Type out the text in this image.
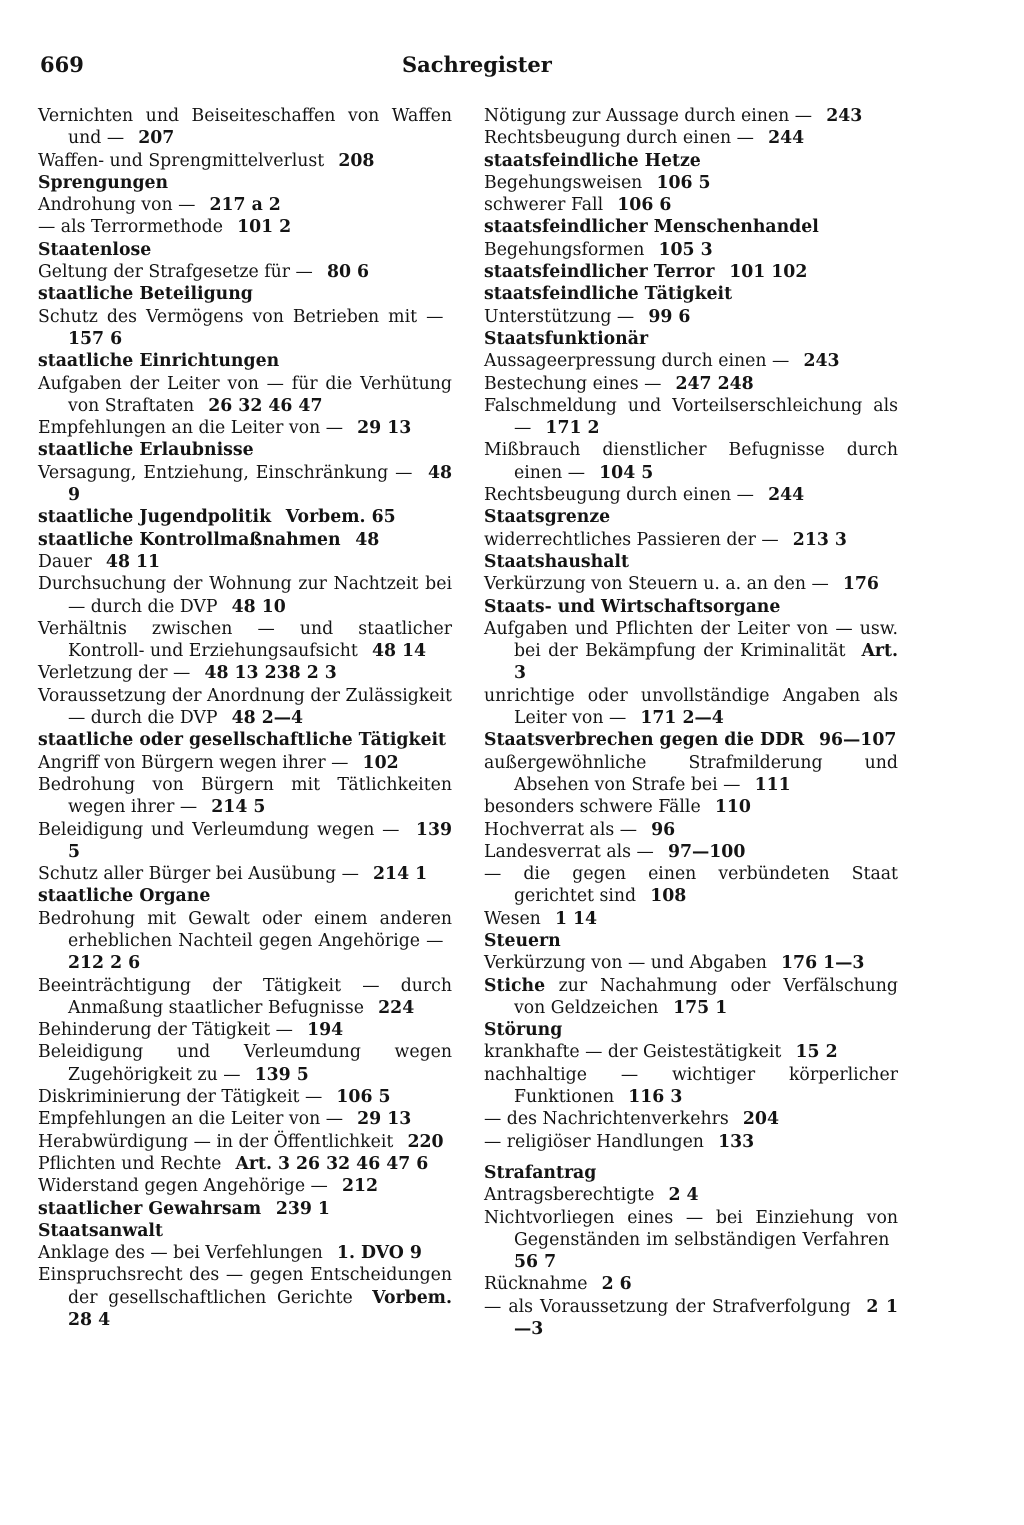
669	Sachregister
Vernichten und Beiseiteschaffen von Waffen und —  207
Waffen- und Sprengmittelverlust  208
Sprengungen
Androhung von —  217 a 2
— als Terrormethode  101 2
Staatenlose
Geltung der Strafgesetze für —  80 6
staatliche Beteiligung
Schutz des Vermögens von Betrieben mit —  157 6
staatliche Einrichtungen
Aufgaben der Leiter von — für die Verhütung von Straftaten  26 32 46 47
Empfehlungen an die Leiter von —  29 13
staatliche Erlaubnisse
Versagung, Entziehung, Einschränkung —  48 9
staatliche Jugendpolitik  Vorbem. 65
staatliche Kontrollmaßnahmen  48
Dauer  48 11
Durchsuchung der Wohnung zur Nachtzeit bei — durch die DVP  48 10
Verhältnis zwischen — und staatlicher Kontroll- und Erziehungsaufsicht  48 14
Verletzung der —  48 13 238 2 3
Voraussetzung der Anordnung der Zulässigkeit — durch die DVP  48 2—4
staatliche oder gesellschaftliche Tätigkeit
Angriff von Bürgern wegen ihrer —  102
Bedrohung von Bürgern mit Tätlichkeiten wegen ihrer —  214 5
Beleidigung und Verleumdung wegen —  139 5
Schutz aller Bürger bei Ausübung —  214 1
staatliche Organe
Bedrohung mit Gewalt oder einem anderen erheblichen Nachteil gegen Angehörige —  212 2 6
Beeinträchtigung der Tätigkeit — durch Anmaßung staatlicher Befugnisse  224
Behinderung der Tätigkeit —  194
Beleidigung und Verleumdung wegen Zugehörigkeit zu —  139 5
Diskriminierung der Tätigkeit —  106 5
Empfehlungen an die Leiter von —  29 13
Herabwürdigung — in der Öffentlichkeit  220
Pflichten und Rechte  Art. 3 26 32 46 47 6
Widerstand gegen Angehörige —  212
staatlicher Gewahrsam  239 1
Staatsanwalt
Anklage des — bei Verfehlungen  1. DVO 9
Einspruchsrecht des — gegen Entscheidungen der gesellschaftlichen Gerichte  Vorbem. 28 4
Nötigung zur Aussage durch einen —  243
Rechtsbeugung durch einen —  244
staatsfeindliche Hetze
Begehungsweisen  106 5
schwerer Fall  106 6
staatsfeindlicher Menschenhandel
Begehungsformen  105 3
staatsfeindlicher Terror  101 102
staatsfeindliche Tätigkeit
Unterstützung —  99 6
Staatsfunktionär
Aussageerpressung durch einen —  243
Bestechung eines —  247 248
Falschmeldung und Vorteilserschleichung als —  171 2
Mißbrauch dienstlicher Befugnisse durch einen —  104 5
Rechtsbeugung durch einen —  244
Staatsgrenze
widerrechtliches Passieren der —  213 3
Staatshaushalt
Verkürzung von Steuern u. a. an den —  176
Staats- und Wirtschaftsorgane
Aufgaben und Pflichten der Leiter von — usw. bei der Bekämpfung der Kriminalität  Art. 3
unrichtige oder unvollständige Angaben als Leiter von —  171 2—4
Staatsverbrechen gegen die DDR  96—107
außergewöhnliche Strafmilderung und Absehen von Strafe bei —  111
besonders schwere Fälle  110
Hochverrat als —  96
Landesverrat als —  97—100
— die gegen einen verbündeten Staat gerichtet sind  108
Wesen  1 14
Steuern
Verkürzung von — und Abgaben  176 1—3
Stiche zur Nachahmung oder Verfälschung von Geldzeichen  175 1
Störung
krankhafte — der Geistestätigkeit  15 2
nachhaltige — wichtiger körperlicher Funktionen  116 3
— des Nachrichtenverkehrs  204
— religiöser Handlungen  133
Strafantrag
Antragsberechtigte  2 4
Nichtvorliegen eines — bei Einziehung von Gegenständen im selbständigen Verfahren  56 7
Rücknahme  2 6
— als Voraussetzung der Strafverfolgung  2 1—3
